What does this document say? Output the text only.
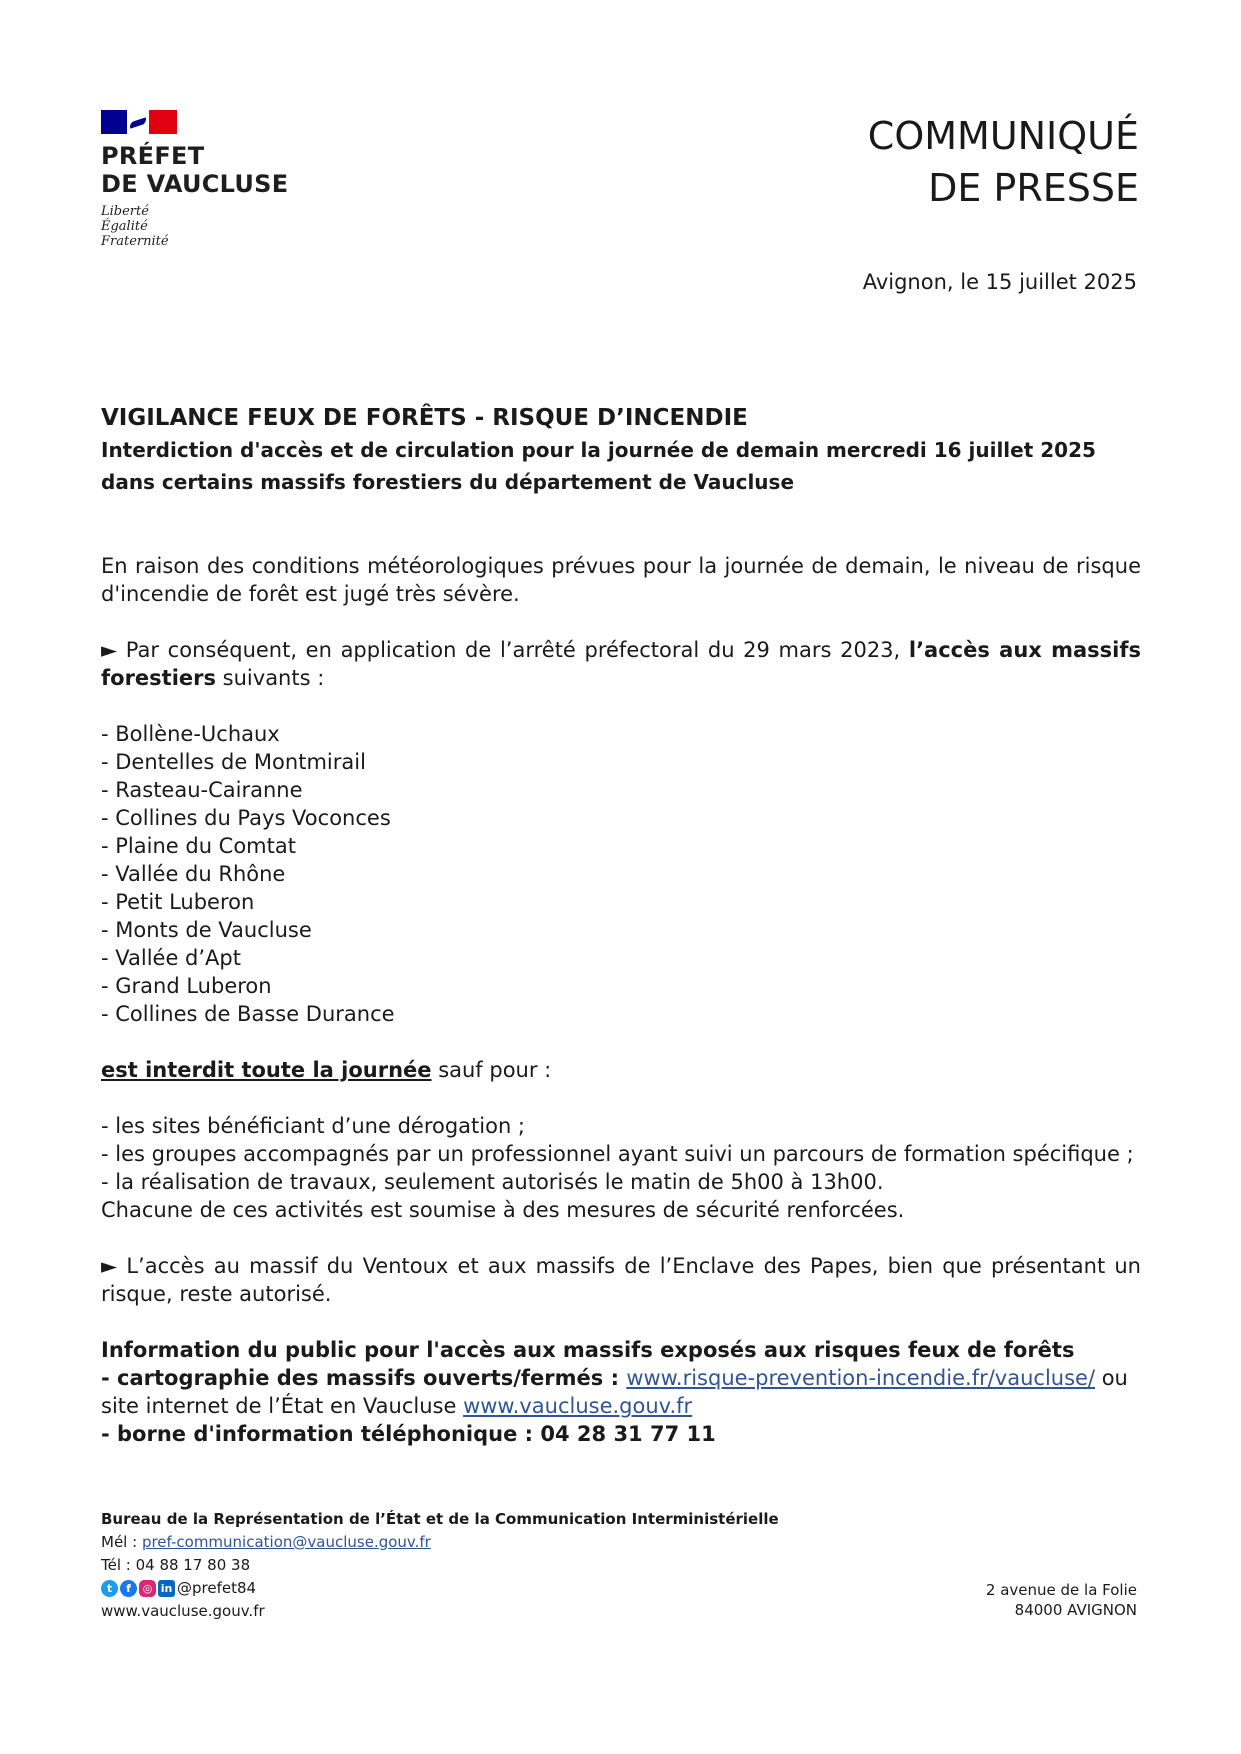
PRÉFET
DE VAUCLUSE
Liberté
Égalité
Fraternité
COMMUNIQUÉ
DE PRESSE
Avignon, le 15 juillet 2025
VIGILANCE FEUX DE FORÊTS - RISQUE D’INCENDIE
Interdiction d'accès et de circulation pour la journée de demain mercredi 16 juillet 2025 dans certains massifs forestiers du département de Vaucluse

En raison des conditions météorologiques prévues pour la journée de demain, le niveau de risque d'incendie de forêt est jugé très sévère.

► Par conséquent, en application de l’arrêté préfectoral du 29 mars 2023, l’accès aux massifs forestiers suivants :

- Bollène-Uchaux
- Dentelles de Montmirail
- Rasteau-Cairanne
- Collines du Pays Voconces
- Plaine du Comtat
- Vallée du Rhône
- Petit Luberon
- Monts de Vaucluse
- Vallée d’Apt
- Grand Luberon
- Collines de Basse Durance

est interdit toute la journée sauf pour :

- les sites bénéficiant d’une dérogation ;
- les groupes accompagnés par un professionnel ayant suivi un parcours de formation spécifique ;
- la réalisation de travaux, seulement autorisés le matin de 5h00 à 13h00.

Chacune de ces activités est soumise à des mesures de sécurité renforcées.

► L’accès au massif du Ventoux et aux massifs de l’Enclave des Papes, bien que présentant un risque, reste autorisé.

Information du public pour l'accès aux massifs exposés aux risques feux de forêts
- cartographie des massifs ouverts/fermés : www.risque-prevention-incendie.fr/vaucluse/ ou
site internet de l’État en Vaucluse www.vaucluse.gouv.fr
- borne d'information téléphonique : 04 28 31 77 11

Bureau de la Représentation de l’État et de la Communication Interministérielle
Mél : pref-communication@vaucluse.gouv.fr
Tél : 04 88 17 80 38
t	f	◎ in @prefet84
www.vaucluse.gouv.fr
2 avenue de la Folie
84000 AVIGNON
